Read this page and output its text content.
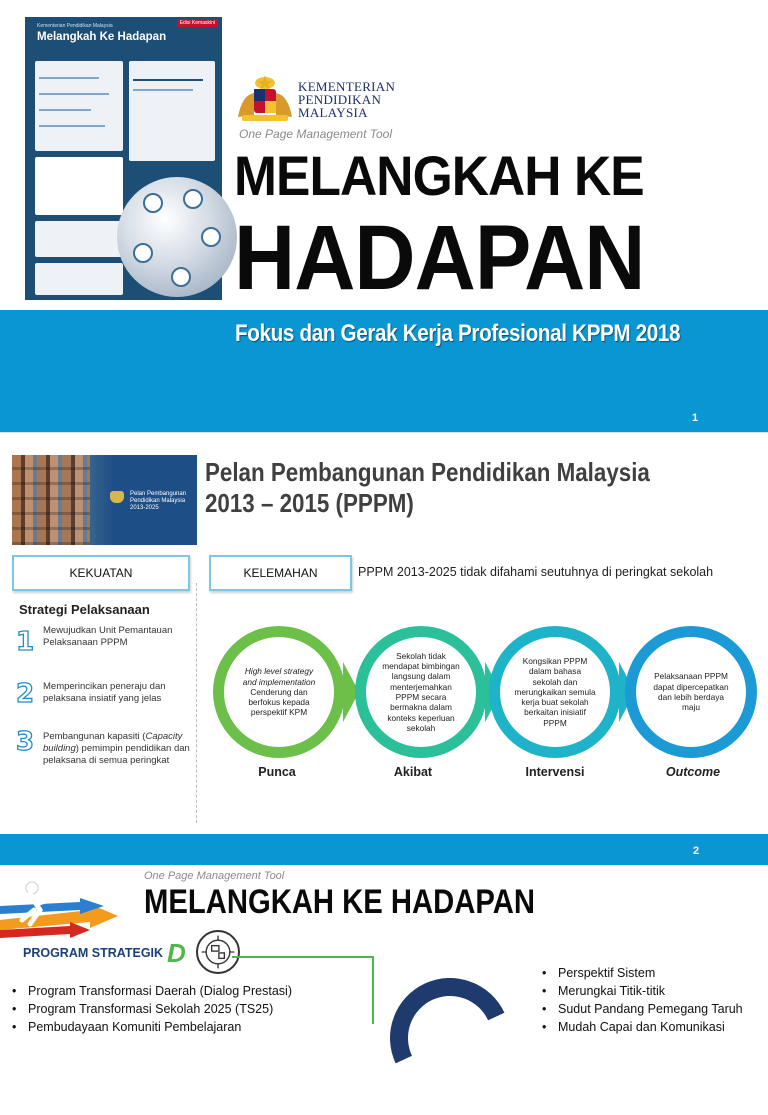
Edisi Kemaskini
Kementerian Pendidikan Malaysia
Melangkah Ke Hadapan
KEMENTERIAN
PENDIDIKAN
MALAYSIA
One Page Management Tool
MELANGKAH KE
HADAPAN
Fokus dan Gerak Kerja Profesional KPPM 2018
1
Pelan Pembangunan Pendidikan Malaysia 2013-2025
Pelan Pembangunan Pendidikan Malaysia
2013 – 2015 (PPPM)
KEKUATAN	KELEMAHAN	PPPM 2013-2025 tidak difahami seutuhnya di peringkat sekolah
Strategi Pelaksanaan
1 Mewujudkan Unit Pemantauan Pelaksanaan PPPM
2 Memperincikan peneraju dan pelaksana insiatif yang jelas
3 Pembangunan kapasiti (Capacity building) pemimpin pendidikan dan pelaksana di semua peringkat
High level strategy and implementation
Cenderung dan berfokus kepada perspektif KPM
Sekolah tidak mendapat bimbingan langsung dalam menterjemahkan PPPM secara bermakna dalam konteks keperluan sekolah
Kongsikan PPPM dalam bahasa sekolah dan merungkaikan semula kerja buat sekolah berkaitan inisiatif PPPM
Pelaksanaan PPPM dapat dipercepatkan dan lebih berdaya maju
Punca	Akibat	Intervensi	Outcome
2
One Page Management Tool
MELANGKAH KE HADAPAN
PROGRAM STRATEGIK D
• Program Transformasi Daerah (Dialog Prestasi)
• Program Transformasi Sekolah 2025 (TS25)
• Pembudayaan Komuniti Pembelajaran
• Perspektif Sistem
• Merungkai Titik-titik
• Sudut Pandang Pemegang Taruh
• Mudah Capai dan Komunikasi
